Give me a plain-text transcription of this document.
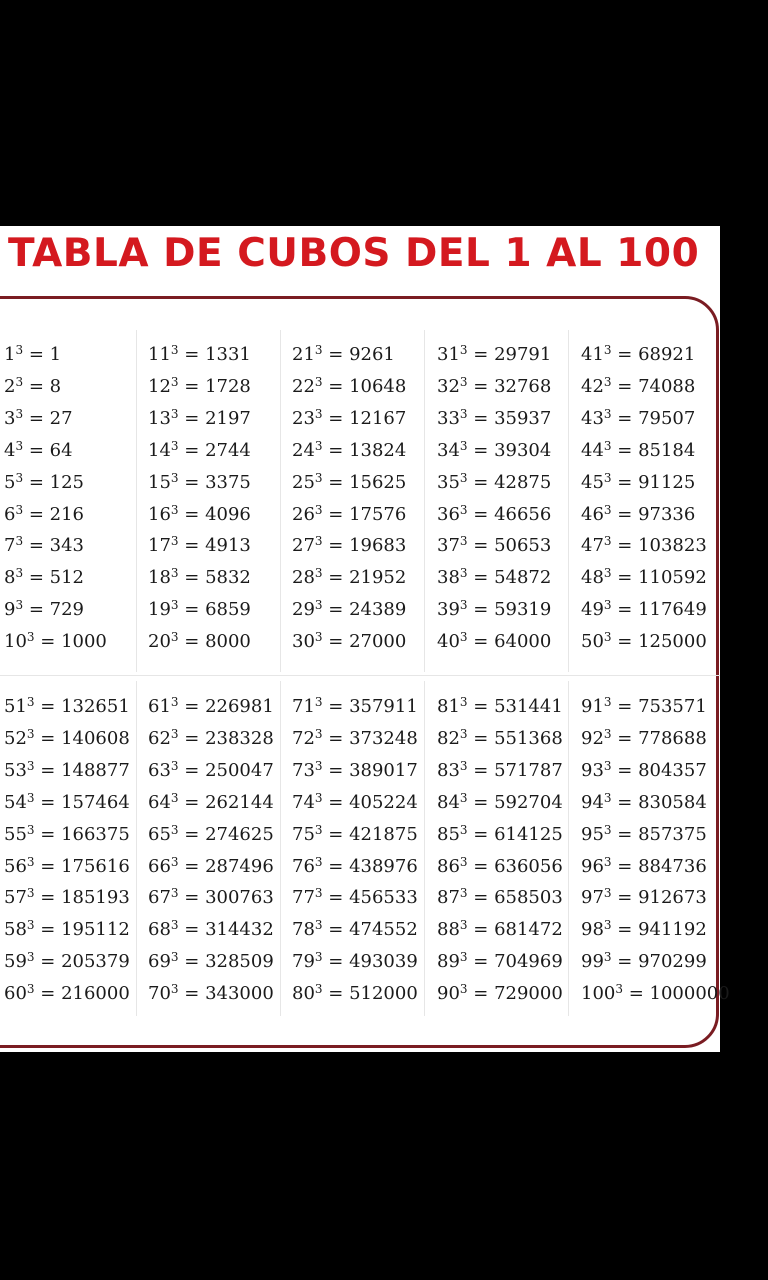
TABLA DE CUBOS DEL 1 AL 100
$1^3 = 1$
$2^3 = 8$
$3^3 = 27$
$4^3 = 64$
$5^3 = 125$
$6^3 = 216$
$7^3 = 343$
$8^3 = 512$
$9^3 = 729$
$10^3 = 1000$
$11^3 = 1331$
$12^3 = 1728$
$13^3 = 2197$
$14^3 = 2744$
$15^3 = 3375$
$16^3 = 4096$
$17^3 = 4913$
$18^3 = 5832$
$19^3 = 6859$
$20^3 = 8000$
$21^3 = 9261$
$22^3 = 10648$
$23^3 = 12167$
$24^3 = 13824$
$25^3 = 15625$
$26^3 = 17576$
$27^3 = 19683$
$28^3 = 21952$
$29^3 = 24389$
$30^3 = 27000$
$31^3 = 29791$
$32^3 = 32768$
$33^3 = 35937$
$34^3 = 39304$
$35^3 = 42875$
$36^3 = 46656$
$37^3 = 50653$
$38^3 = 54872$
$39^3 = 59319$
$40^3 = 64000$
$41^3 = 68921$
$42^3 = 74088$
$43^3 = 79507$
$44^3 = 85184$
$45^3 = 91125$
$46^3 = 97336$
$47^3 = 103823$
$48^3 = 110592$
$49^3 = 117649$
$50^3 = 125000$
$51^3 = 132651$
$52^3 = 140608$
$53^3 = 148877$
$54^3 = 157464$
$55^3 = 166375$
$56^3 = 175616$
$57^3 = 185193$
$58^3 = 195112$
$59^3 = 205379$
$60^3 = 216000$
$61^3 = 226981$
$62^3 = 238328$
$63^3 = 250047$
$64^3 = 262144$
$65^3 = 274625$
$66^3 = 287496$
$67^3 = 300763$
$68^3 = 314432$
$69^3 = 328509$
$70^3 = 343000$
$71^3 = 357911$
$72^3 = 373248$
$73^3 = 389017$
$74^3 = 405224$
$75^3 = 421875$
$76^3 = 438976$
$77^3 = 456533$
$78^3 = 474552$
$79^3 = 493039$
$80^3 = 512000$
$81^3 = 531441$
$82^3 = 551368$
$83^3 = 571787$
$84^3 = 592704$
$85^3 = 614125$
$86^3 = 636056$
$87^3 = 658503$
$88^3 = 681472$
$89^3 = 704969$
$90^3 = 729000$
$91^3 = 753571$
$92^3 = 778688$
$93^3 = 804357$
$94^3 = 830584$
$95^3 = 857375$
$96^3 = 884736$
$97^3 = 912673$
$98^3 = 941192$
$99^3 = 970299$
$100^3 = 1000000$
